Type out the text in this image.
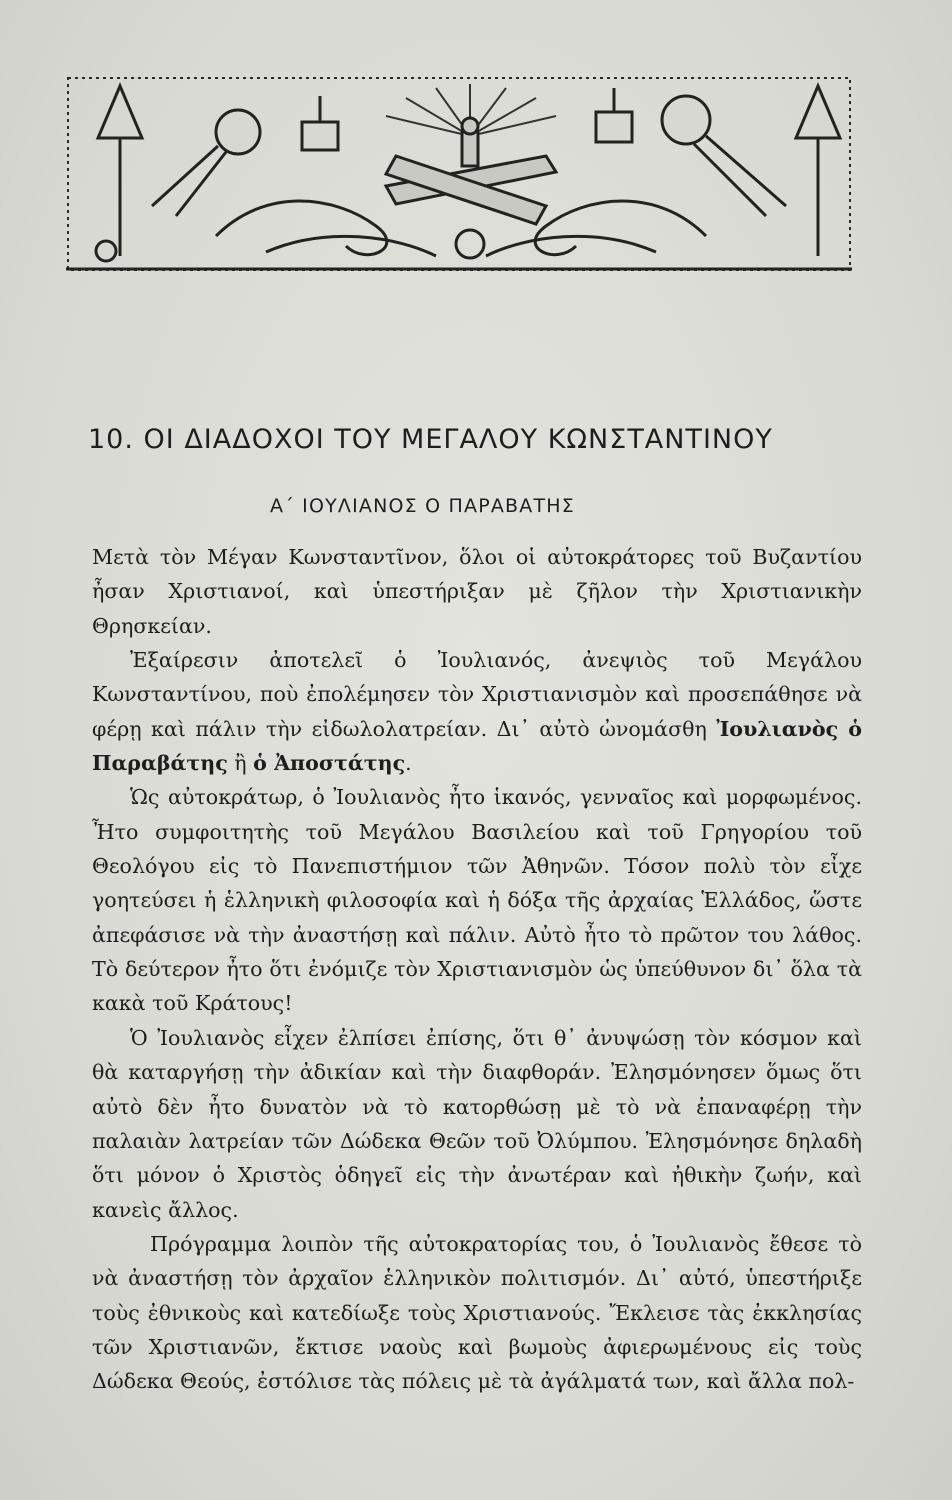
10. ΟΙ ΔΙΑΔΟΧΟΙ ΤΟΥ ΜΕΓΑΛΟΥ ΚΩΝΣΤΑΝΤΙΝΟΥ
Α΄ ΙΟΥΛΙΑΝΟΣ Ο ΠΑΡΑΒΑΤΗΣ

Μετὰ τὸν Μέγαν Κωνσταντῖνον, ὅλοι οἱ αὐτοκράτορες τοῦ Βυζαντίου ἦσαν Χριστιανοί, καὶ ὑπεστήριξαν μὲ ζῆλον τὴν Χριστιανικὴν Θρησκείαν.

Ἐξαίρεσιν ἀποτελεῖ ὁ Ἰουλιανός, ἀνεψιὸς τοῦ Μεγάλου Κωνσταντίνου, ποὺ ἐπολέμησεν τὸν Χριστιανισμὸν καὶ προσεπάθησε νὰ φέρῃ καὶ πάλιν τὴν εἰδωλολατρείαν. Δι᾽ αὐτὸ ὠνομάσθη Ἰουλιανὸς ὁ Παραβάτης ἢ ὁ Ἀποστάτης.

Ὡς αὐτοκράτωρ, ὁ Ἰουλιανὸς ἦτο ἱκανός, γενναῖος καὶ μορφωμένος. Ἦτο συμφοιτητὴς τοῦ Μεγάλου Βασιλείου καὶ τοῦ Γρηγορίου τοῦ Θεολόγου εἰς τὸ Πανεπιστήμιον τῶν Ἀθηνῶν. Τόσον πολὺ τὸν εἶχε γοητεύσει ἡ ἑλληνικὴ φιλοσοφία καὶ ἡ δόξα τῆς ἀρχαίας Ἑλλάδος, ὥστε ἀπεφάσισε νὰ τὴν ἀναστήσῃ καὶ πάλιν. Αὐτὸ ἦτο τὸ πρῶτον του λάθος. Τὸ δεύτερον ἦτο ὅτι ἐνόμιζε τὸν Χριστιανισμὸν ὡς ὑπεύθυνον δι᾽ ὅλα τὰ κακὰ τοῦ Κράτους!

Ὁ Ἰουλιανὸς εἶχεν ἐλπίσει ἐπίσης, ὅτι θ᾽ ἀνυψώσῃ τὸν κόσμον καὶ θὰ καταργήσῃ τὴν ἀδικίαν καὶ τὴν διαφθοράν. Ἐλησμόνησεν ὅμως ὅτι αὐτὸ δὲν ἦτο δυνατὸν νὰ τὸ κατορθώσῃ μὲ τὸ νὰ ἐπαναφέρῃ τὴν παλαιὰν λατρείαν τῶν Δώδεκα Θεῶν τοῦ Ὀλύμπου. Ἐλησμόνησε δηλαδὴ ὅτι μόνον ὁ Χριστὸς ὁδηγεῖ εἰς τὴν ἀνωτέραν καὶ ἠθικὴν ζωήν, καὶ κανεὶς ἄλλος.

Πρόγραμμα λοιπὸν τῆς αὐτοκρατορίας του, ὁ Ἰουλιανὸς ἔθεσε τὸ νὰ ἀναστήσῃ τὸν ἀρχαῖον ἑλληνικὸν πολιτισμόν. Δι᾽ αὐτό, ὑπεστήριξε τοὺς ἐθνικοὺς καὶ κατεδίωξε τοὺς Χριστιανούς. Ἔκλεισε τὰς ἐκκλησίας τῶν Χριστιανῶν, ἔκτισε ναοὺς καὶ βωμοὺς ἀφιερωμένους εἰς τοὺς Δώδεκα Θεούς, ἐστόλισε τὰς πόλεις μὲ τὰ ἀγάλματά των, καὶ ἄλλα πολ-
